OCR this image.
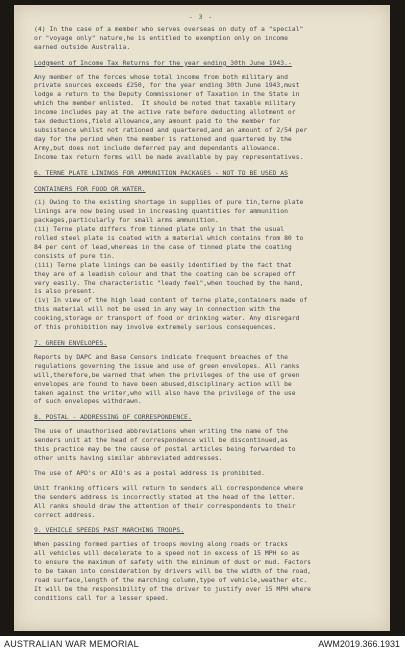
- 3 -

(4) In the case of a member who serves overseas on duty of a "special"
or "voyage only" nature,he is entitled to exemption only on income
earned outside Australia.

Lodgment of Income Tax Returns for the year ending 30th June 1943.-

Any member of the forces whose total income from both military and
private sources exceeds £250, for the year ending 30th June 1943,must
lodge a return to the Deputy Commissioner of Taxation in the State in
which the member enlisted.  It should be noted that taxable military
income includes pay at the active rate before deducting allotment or
tax deductions,field allowance,any amount paid to the member for
subsistence whilst not rationed and quartered,and an amount of 2/54 per
day for the period when the member is rationed and quartered by the
Army,but does not include deferred pay and dependants allowance.
Income tax return forms will be made available by pay representatives.

6. TERNE PLATE LININGS FOR AMMUNITION PACKAGES - NOT TO BE USED AS
CONTAINERS FOR FOOD OR WATER.

(i) Owing to the existing shortage in supplies of pure tin,terne plate
linings are now being used in increasing quantities for ammunition
packages,particularly for small arms ammunition.
(ii) Terne plate differs from tinned plate only in that the usual
rolled steel plate is coated with a material which contains from 80 to
84 per cent of lead,whereas in the case of tinned plate the coating
consists of pure tin.
(iii) Terne plate linings can be easily identified by the fact that
they are of a leadish colour and that the coating can be scraped off
very easily. The characteristic "leady feel",when touched by the hand,
is also present.
(iv) In view of the high lead content of terne plate,containers made of
this material will not be used in any way in connection with the
cooking,storage or transport of food or drinking water. Any disregard
of this prohibition may involve extremely serious consequences.

7. GREEN ENVELOPES.

Reports by DAPC and Base Censors indicate frequent breaches of the
regulations governing the issue and use of green envelopes. All ranks
will,therefore,be warned that when the privileges of the use of green
envelopes are found to have been abused,disciplinary action will be
taken against the writer,who will also have the privilege of the use
of such envelopes withdrawn.

8. POSTAL - ADDRESSING OF CORRESPONDENCE.

The use of unauthorised abbreviations when writing the name of the
senders unit at the head of correspondence will be discontinued,as
this practice may be the cause of postal articles being forwarded to
other units having similar abbreviated addresses.

The use of APO's or AIO's as a postal address is prohibited.

Unit franking officers will return to senders all correspondence where
the senders address is incorrectly stated at the head of the letter.
All ranks should draw the attention of their correspondents to their
correct address.

9. VEHICLE SPEEDS PAST MARCHING TROOPS.

When passing formed parties of troops moving along roads or tracks
all vehicles will decelerate to a speed not in excess of 15 MPH so as
to ensure the maximum of safety with the minimum of dust or mud. Factors
to be taken into consideration by drivers will be the width of the road,
road surface,length of the marching column,type of vehicle,weather etc.
It will be the responsibility of the driver to justify over 15 MPH where
conditions call for a lesser speed.

AUSTRALIAN WAR MEMORIAL	AWM2019.366.1931
